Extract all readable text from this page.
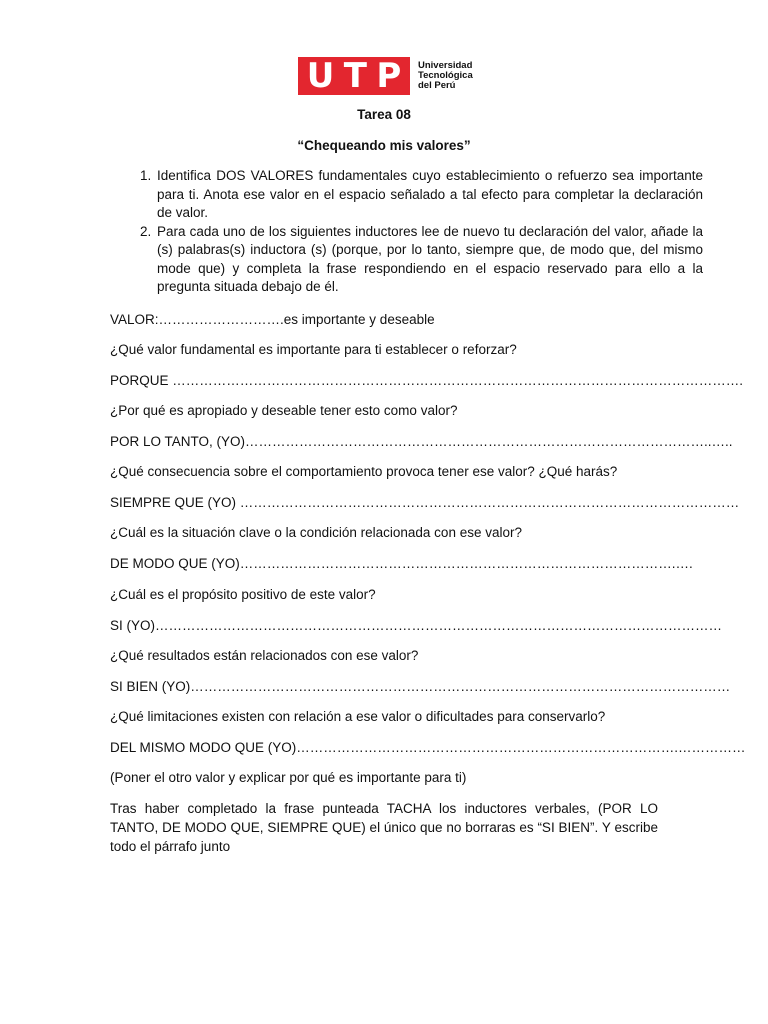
U T P Universidad
Tecnológica
del Perú
Tarea 08
“Chequeando mis valores”
1. Identifica DOS VALORES fundamentales cuyo establecimiento o refuerzo sea importante para ti. Anota ese valor en el espacio señalado a tal efecto para completar la declaración de valor.
2. Para cada uno de los siguientes inductores lee de nuevo tu declaración del valor, añade la (s) palabras(s) inductora (s) (porque, por lo tanto, siempre que, de modo que, del mismo mode que) y completa la frase respondiendo en el espacio reservado para ello a la pregunta situada debajo de él.
VALOR:……………………….es importante y deseable
¿Qué valor fundamental es importante para ti establecer o reforzar?
PORQUE ……………………………………………………………………………………………………………….
¿Por qué es apropiado y deseable tener esto como valor?
POR LO TANTO, (YO)…………………………………………………………………………………………..…..
¿Qué consecuencia sobre el comportamiento provoca tener ese valor? ¿Qué harás?
SIEMPRE QUE (YO) …………………………………………………………………………………………………
¿Cuál es la situación clave o la condición relacionada con ese valor?
DE MODO QUE (YO)…………………………………………………………………………………….….
¿Cuál es el propósito positivo de este valor?
SI (YO)………………………………………………………………………………………………………………
¿Qué resultados están relacionados con ese valor?
SI BIEN (YO)…………………………………………………………………………………………………………
¿Qué limitaciones existen con relación a ese valor o dificultades para conservarlo?
DEL MISMO MODO QUE (YO)………………………………………………………………………….……………
(Poner el otro valor y explicar por qué es importante para ti)
Tras haber completado la frase punteada TACHA los inductores verbales, (POR LO TANTO, DE MODO QUE, SIEMPRE QUE) el único que no borraras es “SI BIEN”. Y escribe todo el párrafo junto
